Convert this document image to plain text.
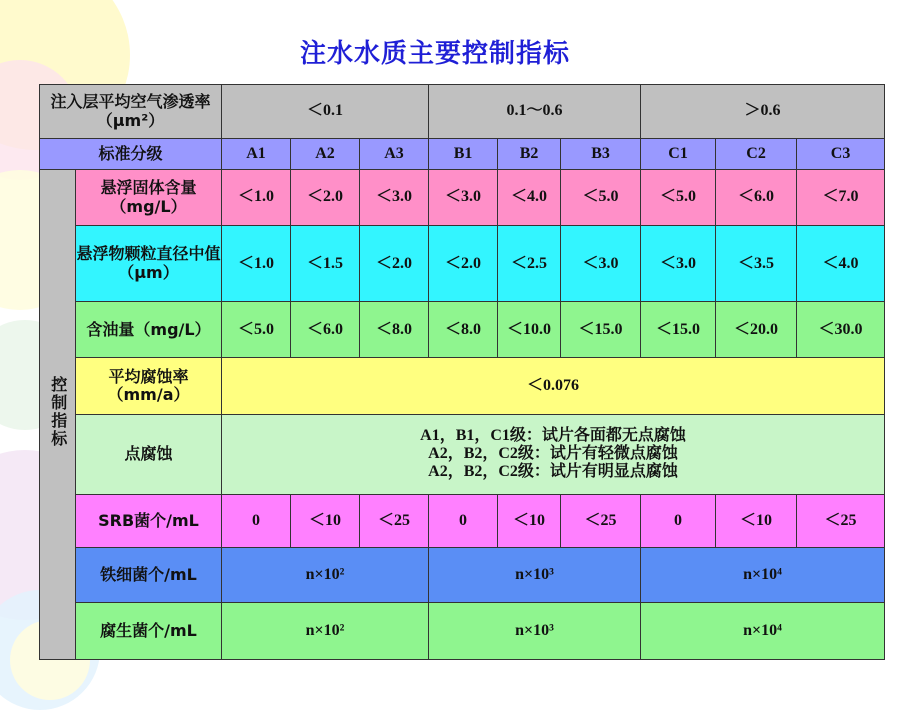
注水水质主要控制指标
注入层平均空气渗透率（μm²）		＜0.1			0.1～0.6			＞0.6		
标准分级		A1	A2	A3	B1	B2	B3	C1	C2	C3
控制指标	悬浮固体含量（mg/L）	＜1.0	＜2.0	＜3.0	＜3.0	＜4.0	＜5.0	＜5.0	＜6.0	＜7.0
	悬浮物颗粒直径中值（μm）	＜1.0	＜1.5	＜2.0	＜2.0	＜2.5	＜3.0	＜3.0	＜3.5	＜4.0
	含油量（mg/L）	＜5.0	＜6.0	＜8.0	＜8.0	＜10.0	＜15.0	＜15.0	＜20.0	＜30.0
	平均腐蚀率（mm/a）	＜0.076								
	点腐蚀	A1，B1，C1级：试片各面都无点腐蚀
A2，B2，C2级：试片有轻微点腐蚀
A2，B2，C2级：试片有明显点腐蚀								

	SRB菌个/mL	0	＜10	＜25	0	＜10	＜25	0	＜10	＜25
	铁细菌个/mL	n×10²			n×10³			n×10⁴		
	腐生菌个/mL	n×10²			n×10³			n×10⁴		
